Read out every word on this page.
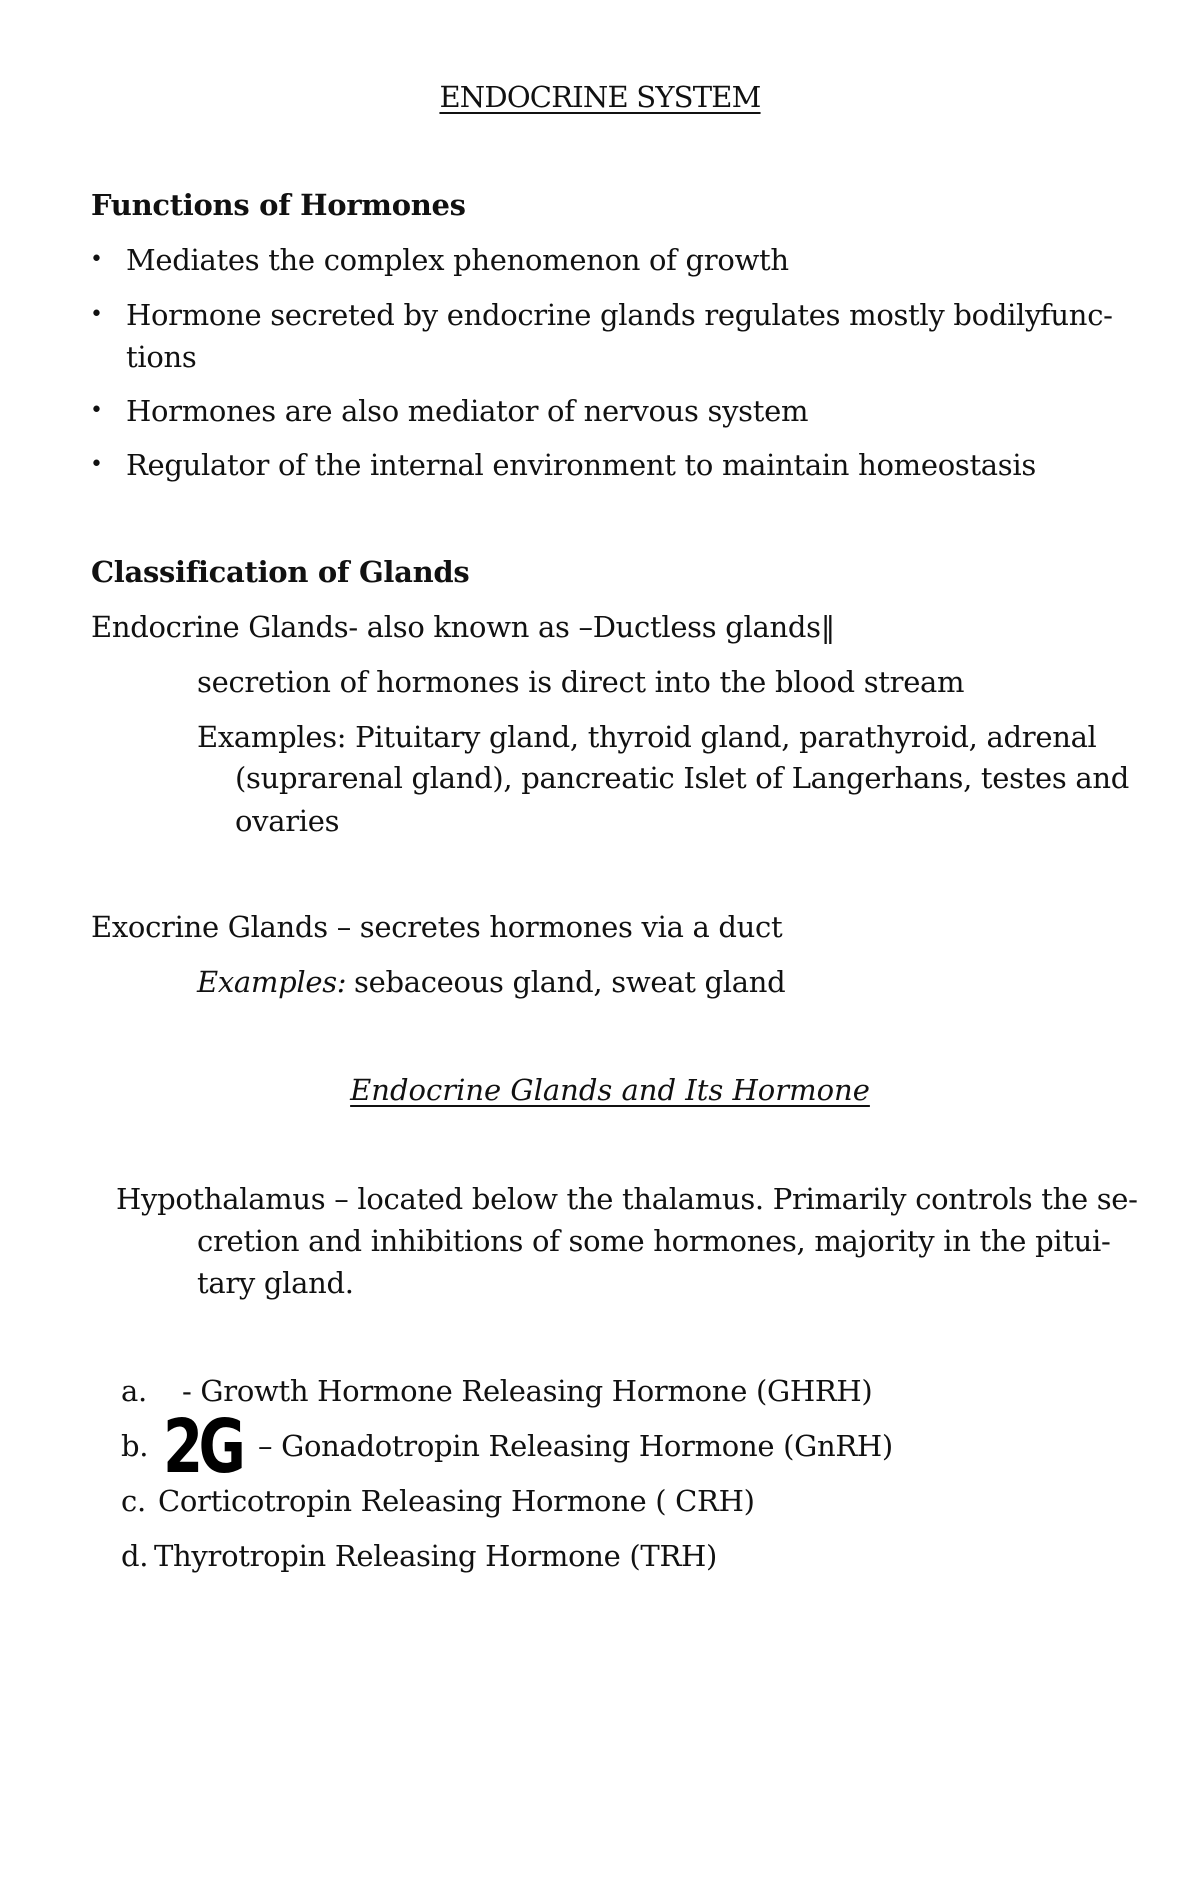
ENDOCRINE SYSTEM
Functions of Hormones
• Mediates the complex phenomenon of growth
• Hormone secreted by endocrine glands regulates mostly bodily
func-
tions
• Hormones are also mediator of nervous system
• Regulator of the internal environment to maintain homeostasis
Classification of Glands
Endocrine Glands- also known as –Ductless glands‖
secretion of hormones is direct into the blood stream
Examples: Pituitary gland, thyroid gland, parathyroid, adrenal
(suprarenal gland), pancreatic Islet of Langerhans, testes and
ovaries
Exocrine Glands – secretes hormones via a duct
Examples: sebaceous gland, sweat gland
Endocrine Glands and Its Hormone
Hypothalamus – located below the thalamus. Primarily controls the se-
cretion and inhibitions of some hormones, majority in the pitui-
tary gland.
a. - Growth Hormone Releasing Hormone (GHRH)
b. 2G – Gonadotropin Releasing Hormone (GnRH)
c. Corticotropin Releasing Hormone ( CRH)
d. Thyrotropin Releasing Hormone (TRH)
